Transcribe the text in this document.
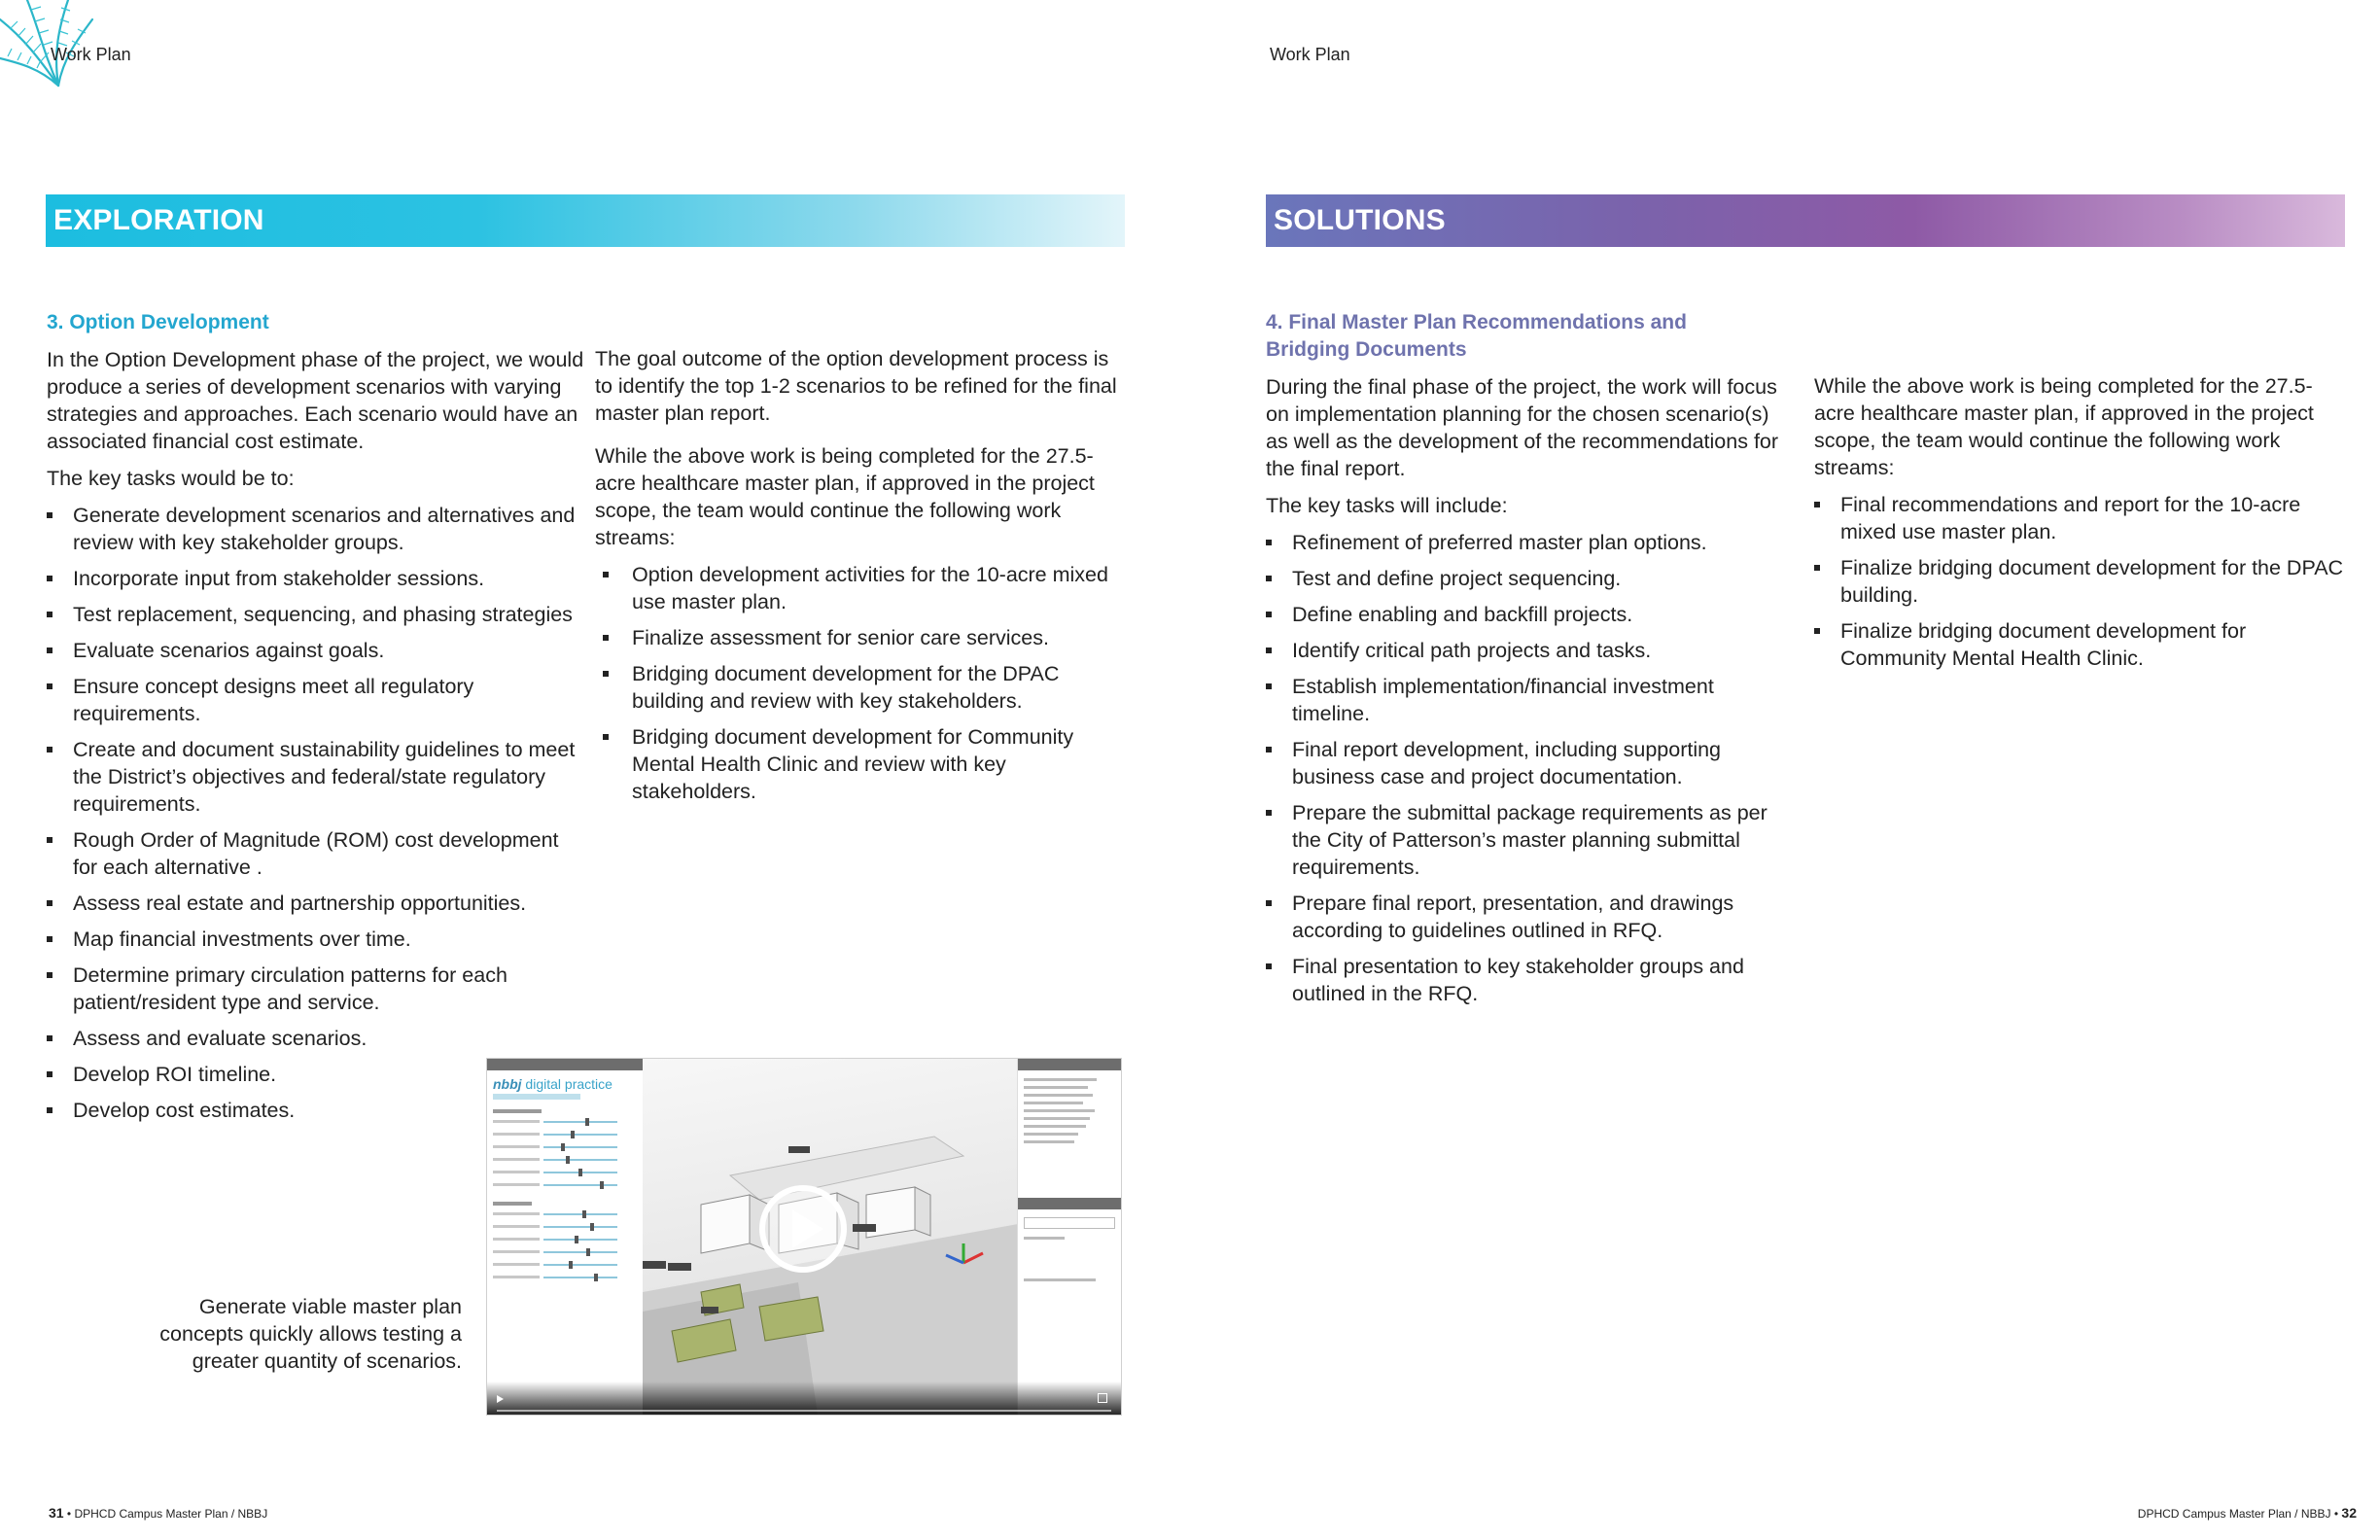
Work Plan
EXPLORATION
3. Option Development

In the Option Development phase of the project, we would produce a series of development scenarios with varying strategies and approaches. Each scenario would have an associated financial cost estimate.

The key tasks would be to:

Generate development scenarios and alternatives and review with key stakeholder groups.
Incorporate input from stakeholder sessions.
Test replacement, sequencing, and phasing strategies
Evaluate scenarios against goals.
Ensure concept designs meet all regulatory requirements.
Create and document sustainability guidelines to meet the District’s objectives and federal/state regulatory requirements.
Rough Order of Magnitude (ROM) cost development for each alternative .
Assess real estate and partnership opportunities.
Map financial investments over time.
Determine primary circulation patterns for each patient/resident type and service.
Assess and evaluate scenarios.
Develop ROI timeline.
Develop cost estimates.

The goal outcome of the option development process is to identify the top 1-2 scenarios to be refined for the final master plan report.

While the above work is being completed for the 27.5-acre healthcare master plan, if approved in the project scope, the team would continue the following work streams:

Option development activities for the 10-acre mixed use master plan.
Finalize assessment for senior care services.
Bridging document development for the DPAC building and review with key stakeholders.
Bridging document development for Community Mental Health Clinic and review with key stakeholders.
Generate viable master plan concepts quickly allows testing a greater quantity of scenarios.
nbbj digital practice
31 • DPHCD Campus Master Plan / NBBJ
Work Plan
SOLUTIONS
4. Final Master Plan Recommendations and Bridging Documents

During the final phase of the project, the work will focus on implementation planning for the chosen scenario(s) as well as the development of the recommendations for the final report.

The key tasks will include:

Refinement of preferred master plan options.
Test and define project sequencing.
Define enabling and backfill projects.
Identify critical path projects and tasks.
Establish implementation/financial investment timeline.
Final report development, including supporting business case and project documentation.
Prepare the submittal package requirements as per the City of Patterson’s master planning submittal requirements.
Prepare final report, presentation, and drawings according to guidelines outlined in RFQ.
Final presentation to key stakeholder groups and outlined in the RFQ.

While the above work is being completed for the 27.5-acre healthcare master plan, if approved in the project scope, the team would continue the following work streams:

Final recommendations and report for the 10-acre mixed use master plan.
Finalize bridging document development for the DPAC building.
Finalize bridging document development for Community Mental Health Clinic.
DPHCD Campus Master Plan / NBBJ • 32
